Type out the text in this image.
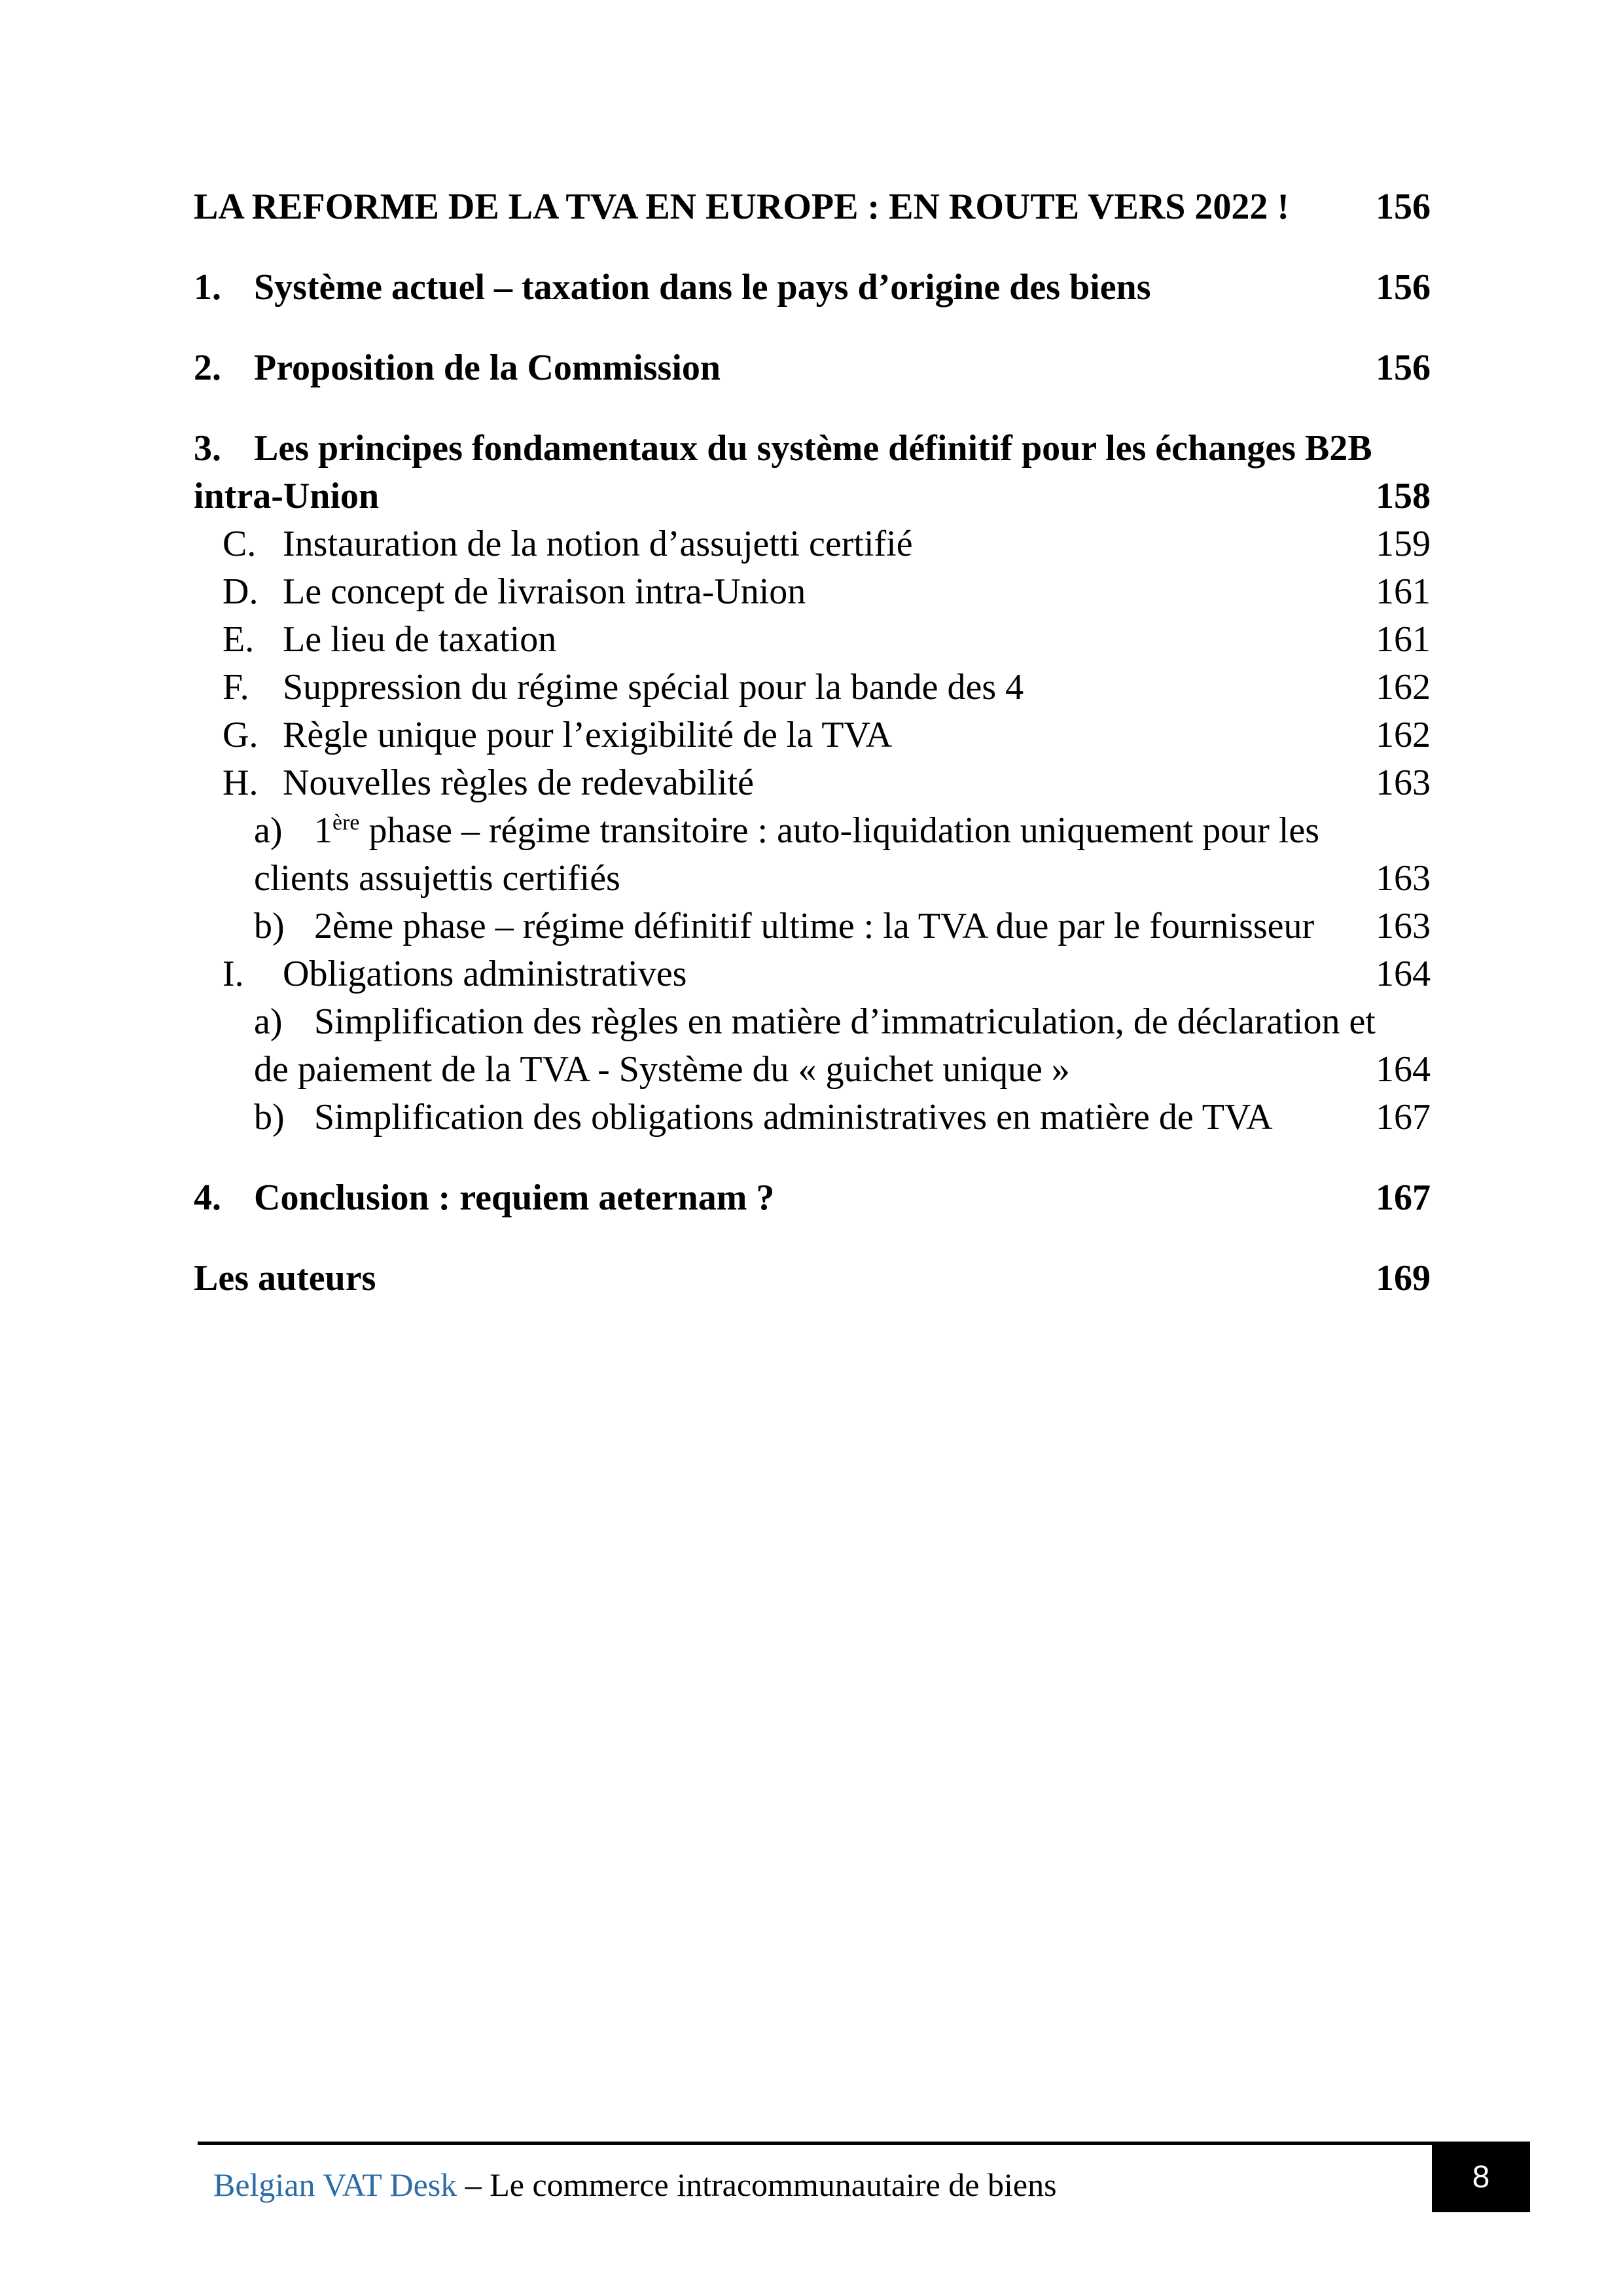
LA REFORME DE LA TVA EN EUROPE : EN ROUTE VERS 2022 ! 156
1. Système actuel – taxation dans le pays d’origine des biens	156
2. Proposition de la Commission	156
3. Les principes fondamentaux du système définitif pour les échanges B2B
intra-Union	158
C. Instauration de la notion d’assujetti certifié	159
D. Le concept de livraison intra-Union	161
E. Le lieu de taxation	161
F. Suppression du régime spécial pour la bande des 4	162
G. Règle unique pour l’exigibilité de la TVA	162
H. Nouvelles règles de redevabilité	163
a) 1ère phase – régime transitoire : auto-liquidation uniquement pour les
clients assujettis certifiés	163
b) 2ème phase – régime définitif ultime : la TVA due par le fournisseur 163
I.	Obligations administratives	164
a) Simplification des règles en matière d’immatriculation, de déclaration et
de paiement de la TVA - Système du « guichet unique »	164
b) Simplification des obligations administratives en matière de TVA	167
4. Conclusion : requiem aeternam ?	167
Les auteurs	169
Belgian VAT Desk – Le commerce intracommunautaire de biens	8
